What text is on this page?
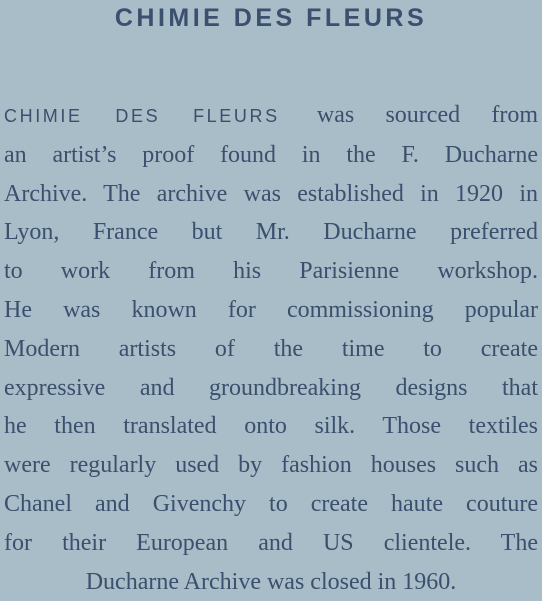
CHIMIE DES FLEURS
CHIMIE DES FLEURS was sourced from
an artist’s proof found in the F. Ducharne
Archive. The archive was established in 1920 in
Lyon, France but Mr. Ducharne preferred
to work from his Parisienne workshop.
He was known for commissioning popular
Modern artists of the time to create
expressive and groundbreaking designs that
he then translated onto silk. Those textiles
were regularly used by fashion houses such as
Chanel and Givenchy to create haute couture
for their European and US clientele. The
Ducharne Archive was closed in 1960.
